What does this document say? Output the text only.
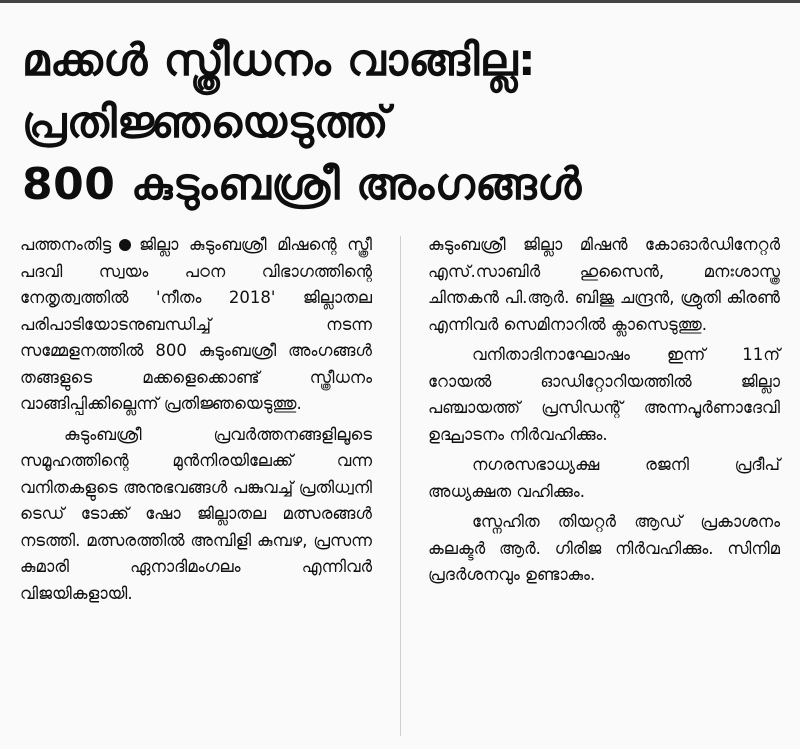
മക്കൾ സ്ത്രീധനം വാങ്ങില്ല:
പ്രതിജ്ഞയെടുത്ത്
800 കുടുംബശ്രീ അംഗങ്ങൾ

പത്തനംതിട്ട ജില്ലാ കുടുംബശ്രീ മിഷന്റെ സ്ത്രീ പദവി സ്വയം പഠന വിഭാഗത്തിന്റെ നേതൃത്വത്തിൽ 'നീതം 2018' ജില്ലാതല പരിപാടിയോടനുബന്ധിച്ച് നടന്ന സമ്മേളനത്തിൽ 800 കുടുംബശ്രീ അംഗങ്ങൾ തങ്ങളുടെ മക്കളെക്കൊണ്ട് സ്ത്രീധനം വാങ്ങിപ്പിക്കില്ലെന്ന് പ്രതിജ്ഞയെടുത്തു.

കുടുംബശ്രീ പ്രവർത്തനങ്ങളിലൂടെ സമൂഹത്തിന്റെ മുൻനിരയിലേക്ക് വന്ന വനിതകളുടെ അനുഭവങ്ങൾ പങ്കുവച്ച് പ്രതിധ്വനി ടെഡ് ടോക്ക് ഷോ ജില്ലാതല മത്സരങ്ങൾ നടത്തി. മത്സരത്തിൽ അമ്പിളി കുമ്പഴ, പ്രസന്ന കുമാരി ഏനാദിമംഗലം എന്നിവർ വിജയികളായി.

കുടുംബശ്രീ ജില്ലാ മിഷൻ കോഓർഡിനേറ്റർ എസ്.സാബിർ ഹുസൈൻ, മനഃശാസ്ത്ര ചിന്തകൻ പി.ആർ. ബിജു ചന്ദ്രൻ, ശ്രുതി കിരൺ എന്നിവർ സെമിനാറിൽ ക്ലാസെടുത്തു.

വനിതാദിനാഘോഷം ഇന്ന് 11ന് റോയൽ ഓഡിറ്റോറിയത്തിൽ ജില്ലാ പഞ്ചായത്ത് പ്രസിഡന്റ് അന്നപൂർണാദേവി ഉദ്ഘാടനം നിർവഹിക്കും.

നഗരസഭാധ്യക്ഷ രജനി പ്രദീപ് അധ്യക്ഷത വഹിക്കും.

സ്നേഹിത തിയറ്റർ ആഡ് പ്രകാശനം കലക്ടർ ആർ. ഗിരിജ നിർവഹിക്കും. സിനിമ പ്രദർശനവും ഉണ്ടാകും.
